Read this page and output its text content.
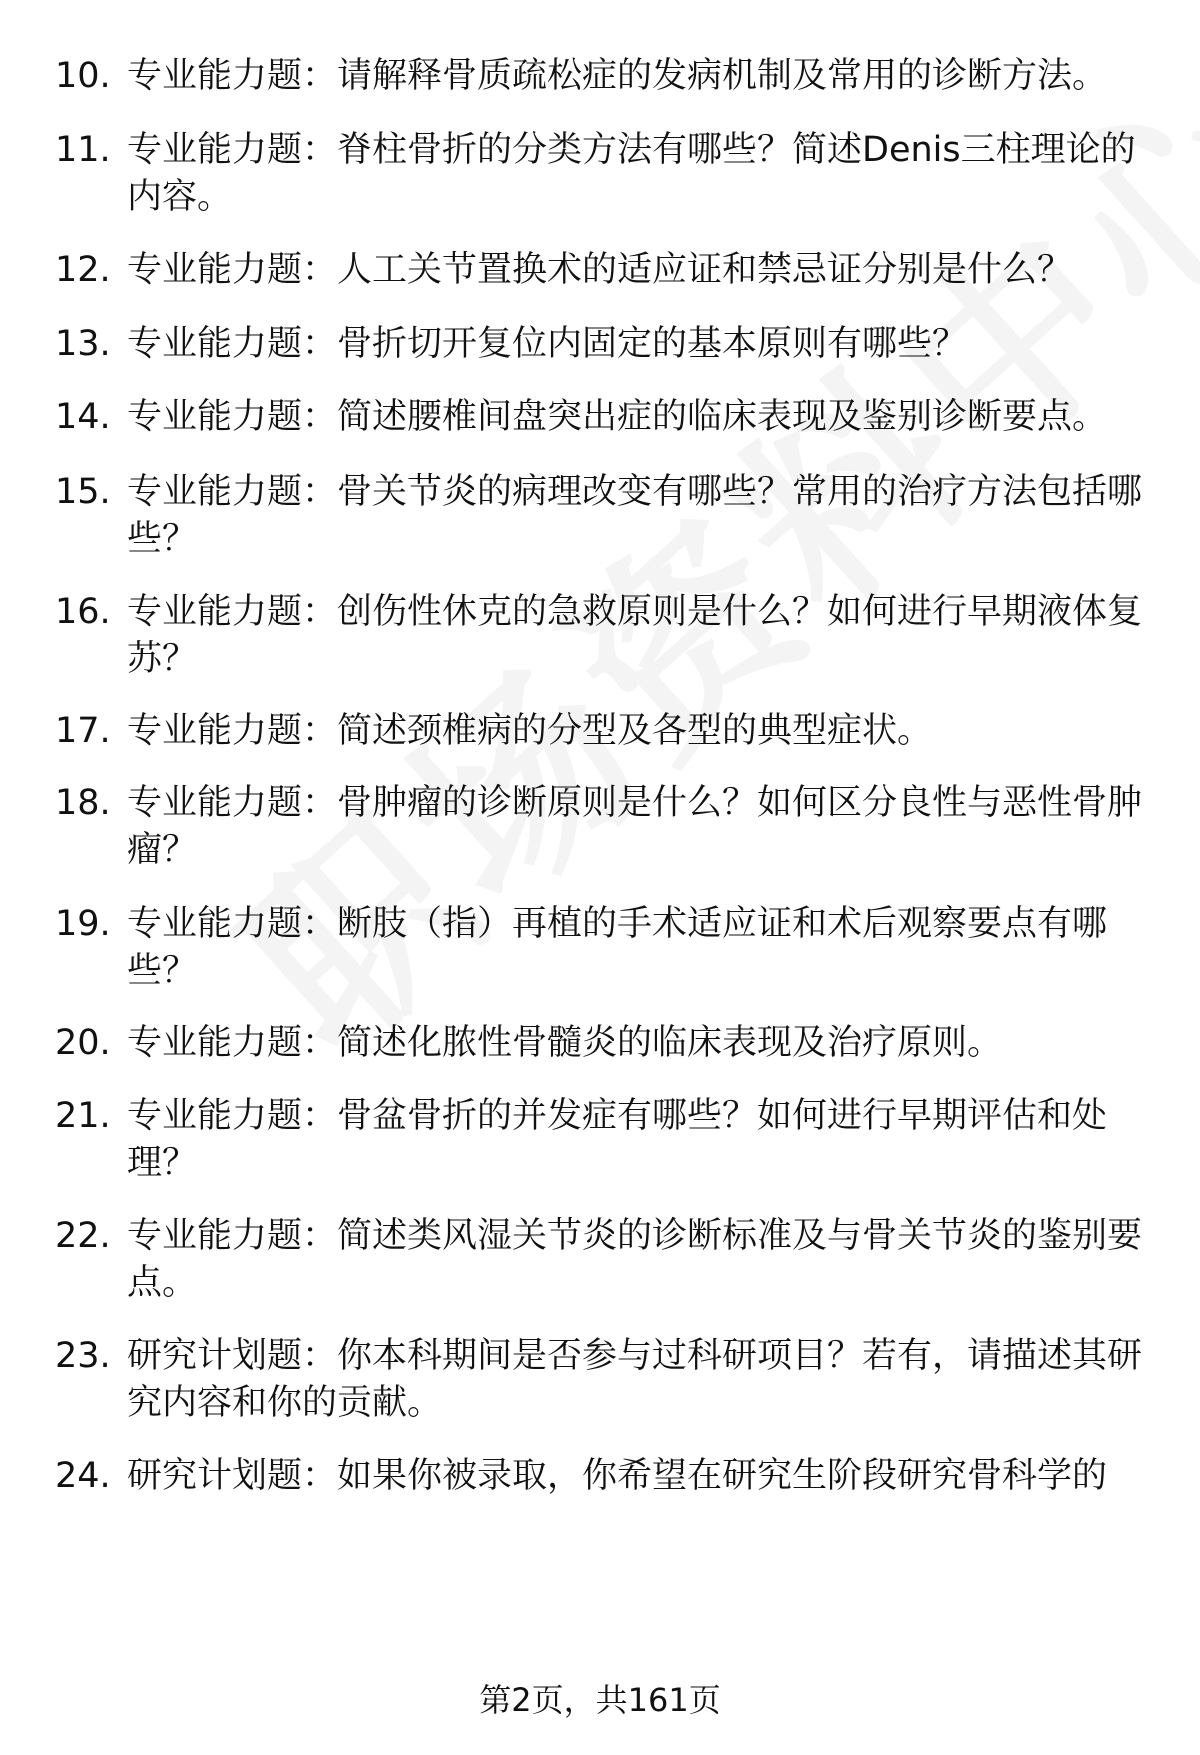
10. 专业能力题：请解释骨质疏松症的发病机制及常用的诊断方法。
11. 专业能力题：脊柱骨折的分类方法有哪些？简述Denis三柱理论的内容。
12. 专业能力题：人工关节置换术的适应证和禁忌证分别是什么？
13. 专业能力题：骨折切开复位内固定的基本原则有哪些？
14. 专业能力题：简述腰椎间盘突出症的临床表现及鉴别诊断要点。
15. 专业能力题：骨关节炎的病理改变有哪些？常用的治疗方法包括哪些？
16. 专业能力题：创伤性休克的急救原则是什么？如何进行早期液体复苏？
17. 专业能力题：简述颈椎病的分型及各型的典型症状。
18. 专业能力题：骨肿瘤的诊断原则是什么？如何区分良性与恶性骨肿瘤？
19. 专业能力题：断肢（指）再植的手术适应证和术后观察要点有哪些？
20. 专业能力题：简述化脓性骨髓炎的临床表现及治疗原则。
21. 专业能力题：骨盆骨折的并发症有哪些？如何进行早期评估和处理？
22. 专业能力题：简述类风湿关节炎的诊断标准及与骨关节炎的鉴别要点。
23. 研究计划题：你本科期间是否参与过科研项目？若有，请描述其研究内容和你的贡献。
24. 研究计划题：如果你被录取，你希望在研究生阶段研究骨科学的
第2页，共161页
